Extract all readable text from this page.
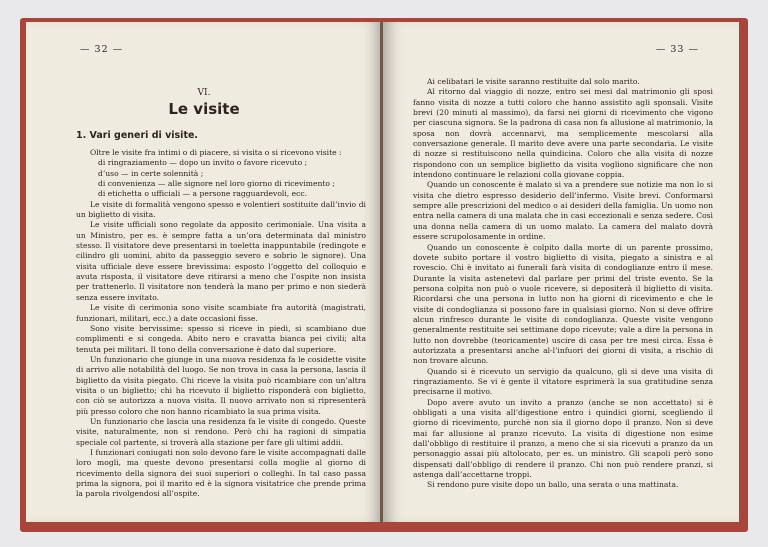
— 32 —
VI.
Le visite
1. Vari generi di visite.

Oltre le visite fra intimi o di piacere, si visita o si ricevono visite :

di ringraziamento — dopo un invito o favore ricevuto ;

d’uso — in certe solennità ;

di convenienza — alle signore nel loro giorno di ricevimento ;

di etichetta o ufficiali — a persone ragguardevoli, ecc.

Le visite di formalità vengono spesso e volentieri sostituite dall’invio di un biglietto di visita.

Le visite ufficiali sono regolate da apposito cerimoniale. Una visita a un Ministro, per es. è sempre fatta a un’ora determinata dal ministro stesso. Il visitatore deve presentarsi in toeletta inappuntabile (redingote e cilindro gli uomini, abito da passeggio severo e sobrio le signore). Una visita ufficiale deve essere brevissima: esposto l’oggetto del colloquio e avuta risposta, il visitatore deve ritirarsi a meno che l’ospite non insista per trattenerlo. Il visitatore non tenderà la mano per primo e non siederà senza essere invitato.

Le visite di cerimonia sono visite scambiate fra autorità (magistrati, funzionari, militari, ecc.) a date occasioni fisse.

Sono visite bervissime: spesso si riceve in piedi, si scambiano due complimenti e si congeda. Abito nero e cravatta bianca pei civili; alta tenuta pei militari. Il tono della conversazione è dato dal superiore.

Un funzionario che giunge in una nuova residenza fa le cosidette visite di arrivo alle notabilità del luogo. Se non trova in casa la persona, lascia il biglietto da visita piegato. Chi riceve la visita può ricambiare con un’altra visita o un biglietto; chi ha ricevuto il biglietto risponderà con biglietto, con ciò se autorizza a nuova visita. Il nuovo arrivato non si ripresenterà più presso coloro che non hanno ricambiato la sua prima visita.

Un funzionario che lascia una residenza fa le visite di congedo. Queste visite, naturalmente, non si rendono. Però chi ha ragioni di simpatia speciale col partente, si troverà alla stazione per fare gli ultimi addii.

I funzionari coniugati non solo devono fare le visite accompagnati dalle loro mogli, ma queste devono presentarsi colla moglie al giorno di ricevimento della signora dei suoi superiori o colleghi. In tal caso passa prima la signora, poi il marito ed è la signora visitatrice che prende prima la parola rivolgendosi all’ospite.

— 33 —

Ai celibatari le visite saranno restituite dal solo marito.

Al ritorno dal viaggio di nozze, entro sei mesi dal matrimonio gli sposi fanno visita di nozze a tutti coloro che hanno assistito agli sponsali. Visite brevi (20 minuti al massimo), da farsi nei giorni di ricevimento che vigono per ciascuna signora. Se la padrona di casa non fa allusione al matrimonio, la sposa non dovrà accennarvi, ma semplicemente mescolarsi alla conversazione generale. Il marito deve avere una parte secondaria. Le visite di nozze si restituiscono nella quindicina. Coloro che alla visita di nozze rispondono con un semplice biglietto da visita vogliono significare che non intendono continuare le relazioni colla giovane coppia.

Quando un conoscente è malato si va a prendere sue notizie ma non lo si visita che dietro espresso desiderio dell’infermo. Visite brevi. Conformarsi sempre alle prescrizioni del medico o ai desideri della famiglia. Un uomo non entra nella camera di una malata che in casi eccezionali e senza sedere. Così una donna nella camera di un uomo malato. La camera del malato dovrà essere scrupolosamente in ordine.

Quando un conoscente è colpito dalla morte di un parente prossimo, dovete subito portare il vostro biglietto di visita, piegato a sinistra e al rovescio. Chi è invitato ai funerali farà visita di condoglianze entro il mese. Durante la visita astenetevi dal parlare per primi del triste evento. Se la persona colpita non può o vuole ricevere, si depositerà il biglietto di visita. Ricordarsi che una persona in lutto non ha giorni di ricevimento e che le visite di condoglianza si possono fare in qualsiasi giorno. Non si deve offrire alcun rinfresco durante le visite di condoglianza. Queste visite vengono generalmente restituite sei settimane dopo ricevute; vale a dire la persona in lutto non dovrebbe (teoricamente) uscire di casa per tre mesi circa. Essa è autorizzata a presentarsi anche al-l’infuori dei giorni di visita, a rischio di non trovare alcuno.

Quando si è ricevuto un servigio da qualcuno, gli si deve una visita di ringraziamento. Se vi è gente il vitatore esprimerà la sua gratitudine senza precisarne il motivo.

Dopo avere avuto un invito a pranzo (anche se non accettato) si è obbligati a una visita all’digestione entro i quindici giorni, scegliendo il giorno di ricevimento, purchè non sia il giorno dopo il pranzo. Non si deve mai far allusione al pranzo ricevuto. La visita di digestione non esime dall’obbligo di restituire il pranzo, a meno che si sia ricevuti a pranzo da un personaggio assai più altolocato, per es. un ministro. Gli scapoli però sono dispensati dall’obbligo di rendere il pranzo. Chi non può rendere pranzi, si astenga dall’accettarne troppi.

Si rendono pure visite dopo un ballo, una serata o una mattinata.
